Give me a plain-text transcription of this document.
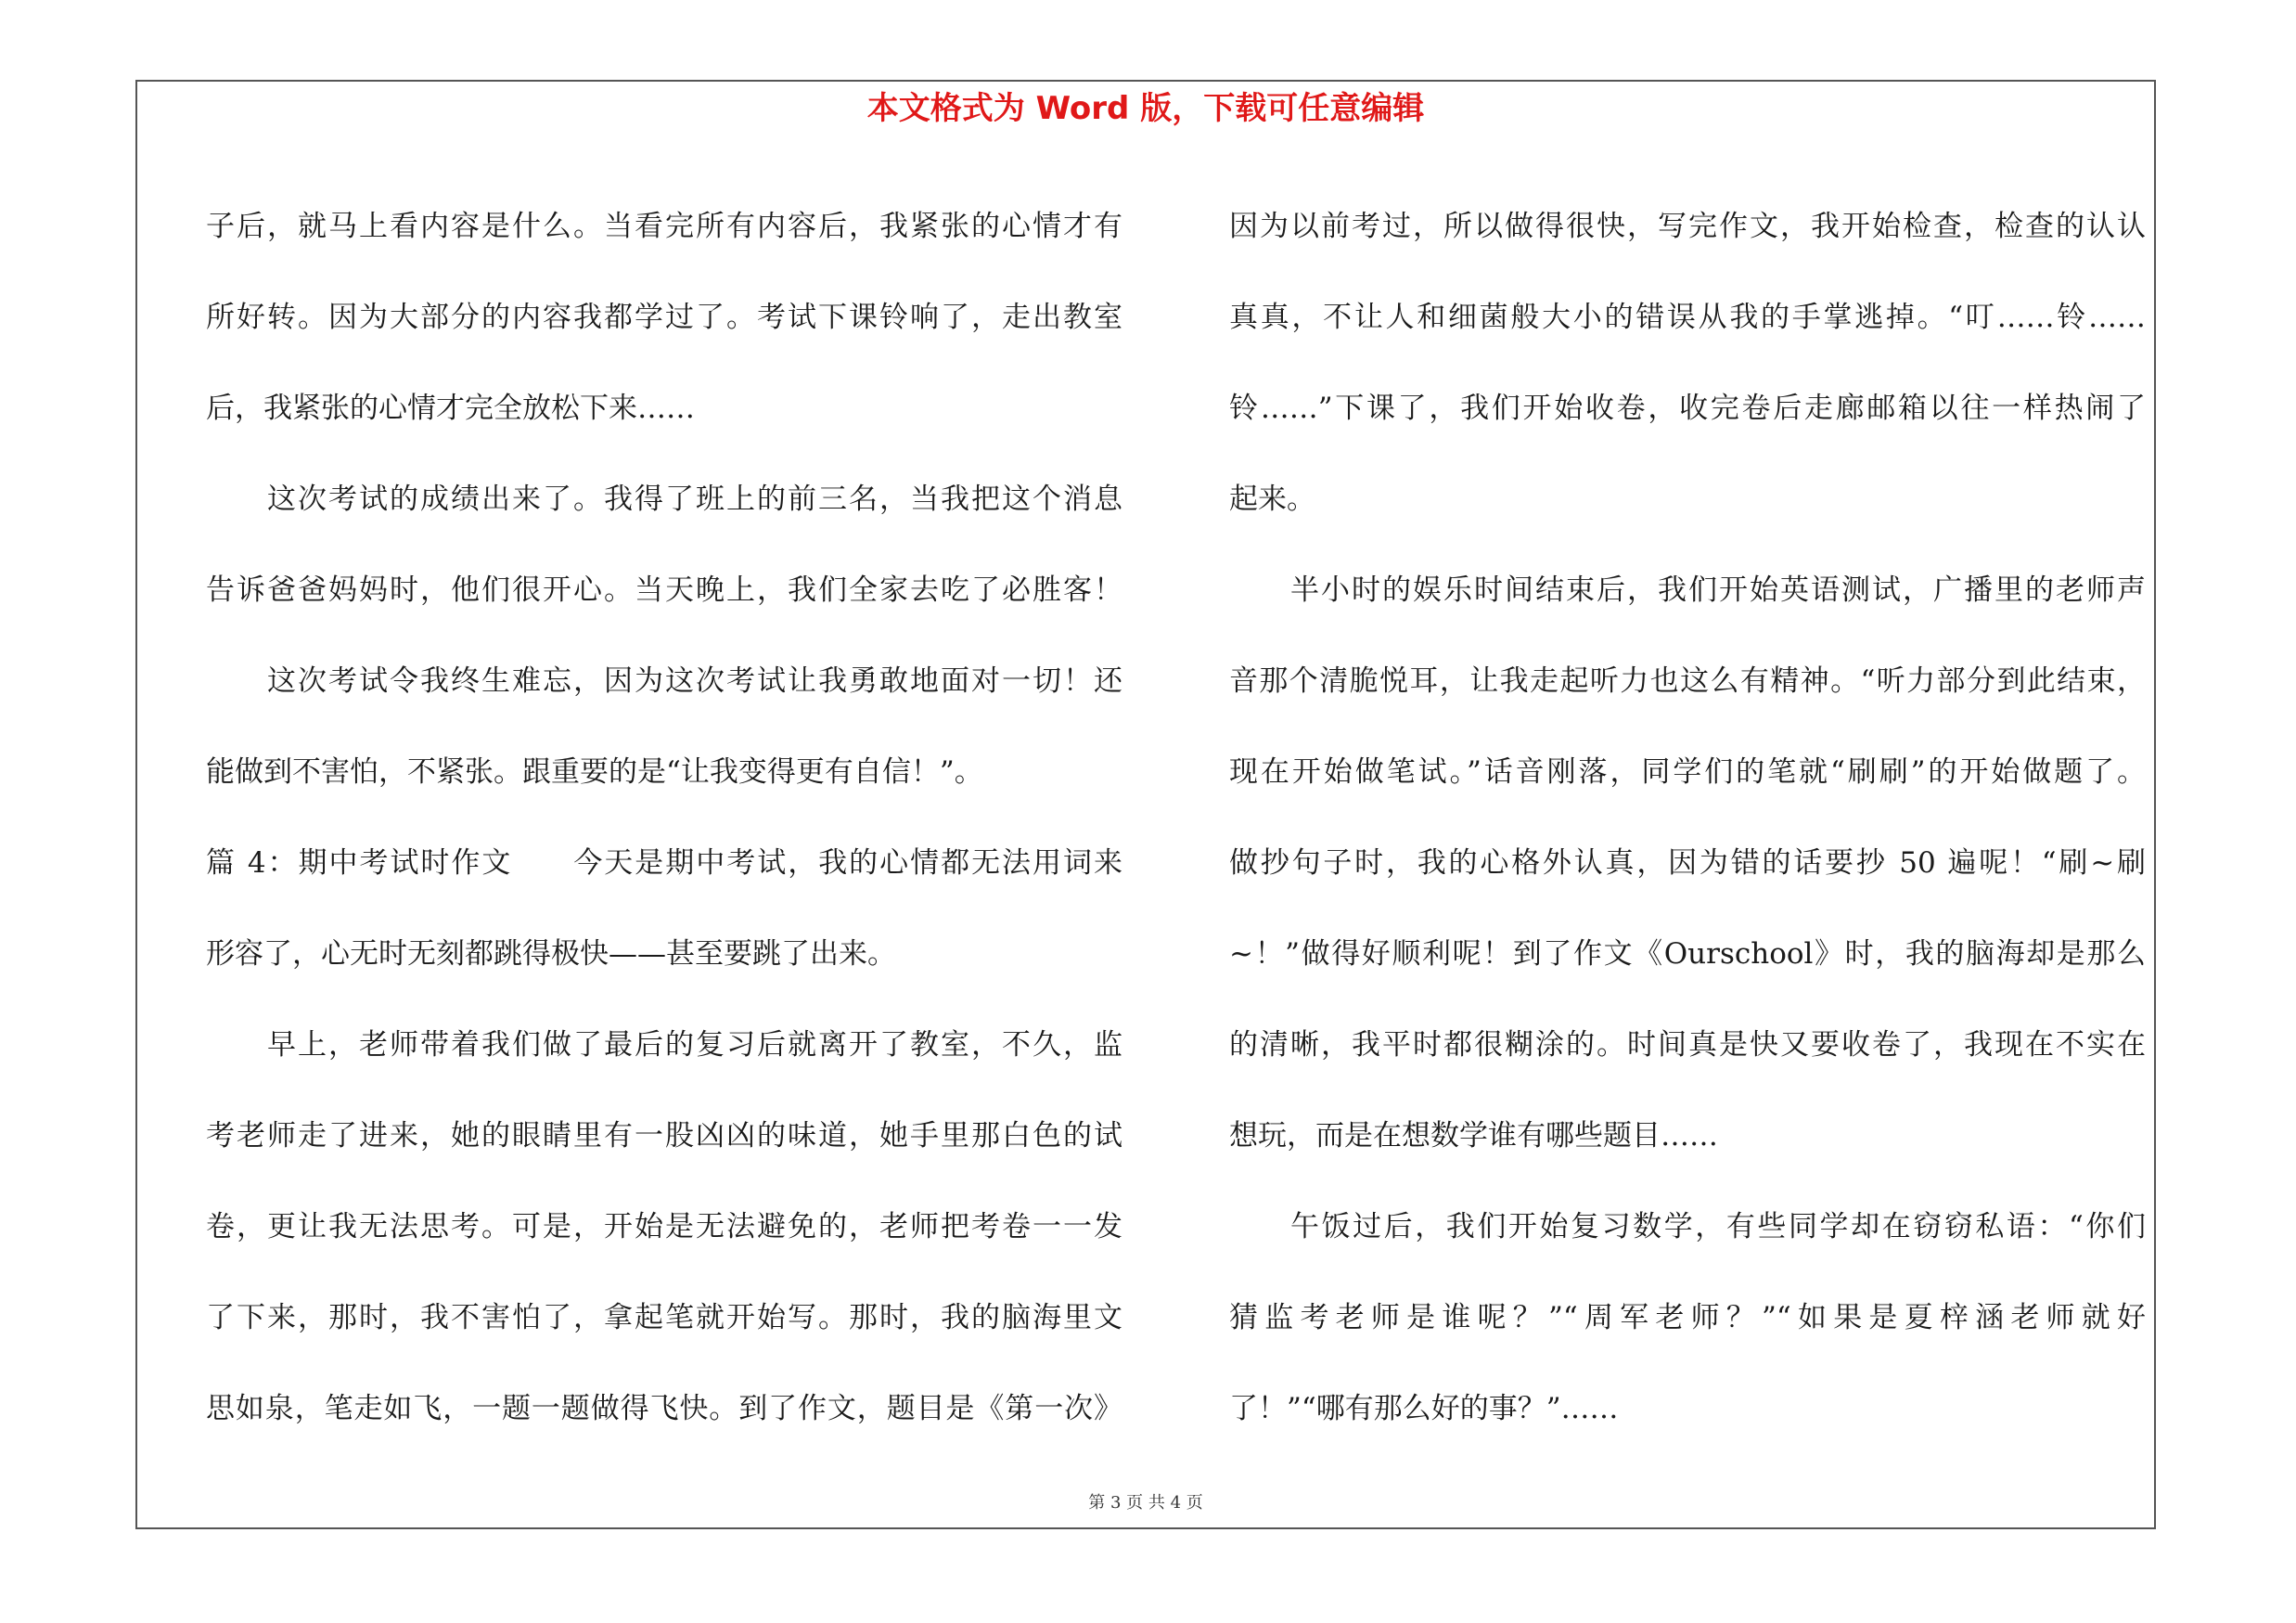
本文格式为 Word 版，下载可任意编辑
子后，就马上看内容是什么。当看完所有内容后，我紧张的心情才有
所好转。因为大部分的内容我都学过了。考试下课铃响了，走出教室
后，我紧张的心情才完全放松下来……
这次考试的成绩出来了。我得了班上的前三名，当我把这个消息
告诉爸爸妈妈时，他们很开心。当天晚上，我们全家去吃了必胜客！
这次考试令我终生难忘，因为这次考试让我勇敢地面对一切！还
能做到不害怕，不紧张。跟重要的是“让我变得更有自信！”。
篇 4：期中考试时作文　　今天是期中考试，我的心情都无法用词来
形容了，心无时无刻都跳得极快——甚至要跳了出来。
早上，老师带着我们做了最后的复习后就离开了教室，不久，监
考老师走了进来，她的眼睛里有一股凶凶的味道，她手里那白色的试
卷，更让我无法思考。可是，开始是无法避免的，老师把考卷一一发
了下来，那时，我不害怕了，拿起笔就开始写。那时，我的脑海里文
思如泉，笔走如飞，一题一题做得飞快。到了作文，题目是《第一次》
因为以前考过，所以做得很快，写完作文，我开始检查，检查的认认
真真，不让人和细菌般大小的错误从我的手掌逃掉。“叮……铃……
铃……”下课了，我们开始收卷，收完卷后走廊邮箱以往一样热闹了
起来。
半小时的娱乐时间结束后，我们开始英语测试，广播里的老师声
音那个清脆悦耳，让我走起听力也这么有精神。“听力部分到此结束，
现在开始做笔试。”话音刚落，同学们的笔就“刷刷”的开始做题了。
做抄句子时，我的心格外认真，因为错的话要抄 50 遍呢！“刷~刷
~！”做得好顺利呢！到了作文《Ourschool》时，我的脑海却是那么
的清晰，我平时都很糊涂的。时间真是快又要收卷了，我现在不实在
想玩，而是在想数学谁有哪些题目……
午饭过后，我们开始复习数学，有些同学却在窃窃私语：“你们
猜监考老师是谁呢？”“周军老师？”“如果是夏梓涵老师就好
了！”“哪有那么好的事？”……
第 3 页 共 4 页
